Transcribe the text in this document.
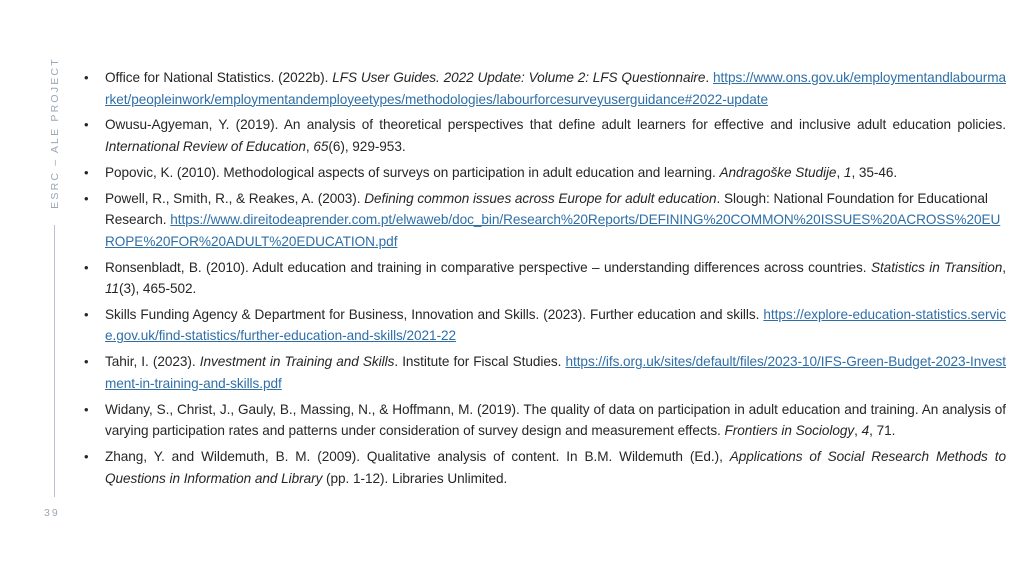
ESRC – ALE PROJECT
39
• Office for National Statistics. (2022b). LFS User Guides. 2022 Update: Volume 2: LFS Questionnaire. https://www.ons.gov.uk/employmentandlabourmarket/peopleinwork/employmentandemployeetypes/methodologies/labourforcesurveyuserguidance#2022-update
• Owusu-Agyeman, Y. (2019). An analysis of theoretical perspectives that define adult learners for effective and inclusive adult education policies. International Review of Education, 65(6), 929-953.
• Popovic, K. (2010). Methodological aspects of surveys on participation in adult education and learning. Andragoške Studije, 1, 35-46.
• Powell, R., Smith, R., & Reakes, A. (2003). Defining common issues across Europe for adult education. Slough: National Foundation for Educational Research. https://www.direitodeaprender.com.pt/elwaweb/doc_bin/Research%20Reports/DEFINING%20COMMON%20ISSUES%20ACROSS%20EUROPE%20FOR%20ADULT%20EDUCATION.pdf
• Ronsenbladt, B. (2010). Adult education and training in comparative perspective – understanding differences across countries. Statistics in Transition, 11(3), 465-502.
• Skills Funding Agency & Department for Business, Innovation and Skills. (2023). Further education and skills. https://explore-education-statistics.service.gov.uk/find-statistics/further-education-and-skills/2021-22
• Tahir, I. (2023). Investment in Training and Skills. Institute for Fiscal Studies. https://ifs.org.uk/sites/default/files/2023-10/IFS-Green-Budget-2023-Investment-in-training-and-skills.pdf
• Widany, S., Christ, J., Gauly, B., Massing, N., & Hoffmann, M. (2019). The quality of data on participation in adult education and training. An analysis of varying participation rates and patterns under consideration of survey design and measurement effects. Frontiers in Sociology, 4, 71.
• Zhang, Y. and Wildemuth, B. M. (2009). Qualitative analysis of content. In B.M. Wildemuth (Ed.), Applications of Social Research Methods to Questions in Information and Library (pp. 1-12). Libraries Unlimited.
